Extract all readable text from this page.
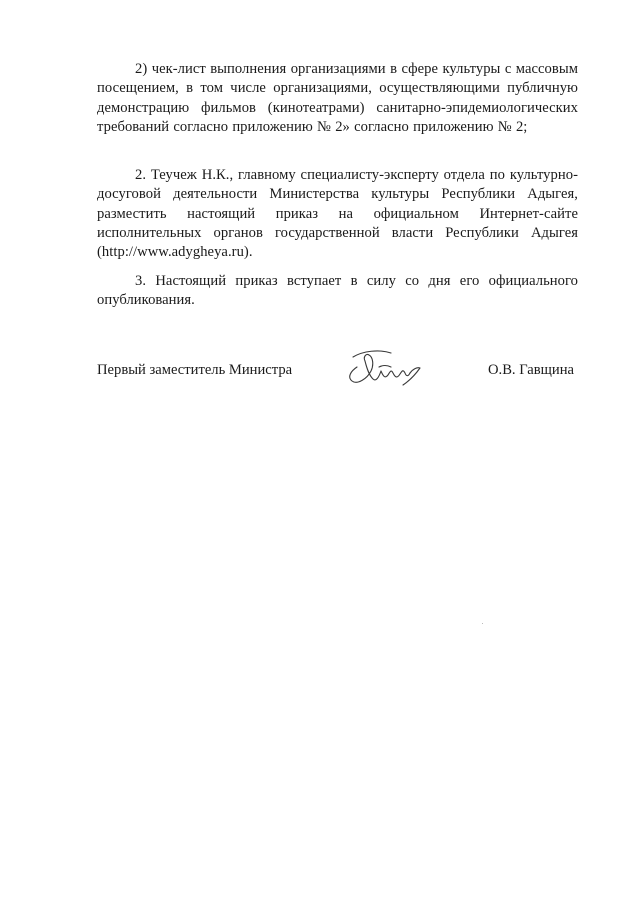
2) чек-лист выполнения организациями в сфере культуры с массовым посещением, в том числе организациями, осуществляющими публичную демонстрацию фильмов (кинотеатрами) санитарно-эпидемиологических требований согласно приложению № 2» согласно приложению № 2;

2. Теучеж Н.К., главному специалисту-эксперту отдела по культурно-досуговой деятельности Министерства культуры Республики Адыгея, разместить настоящий приказ на официальном Интернет-сайте исполнительных органов государственной власти Республики Адыгея (http://www.adygheya.ru).

3. Настоящий приказ вступает в силу со дня его официального опубликования.

Первый заместитель Министра	О.В. Гавщина
